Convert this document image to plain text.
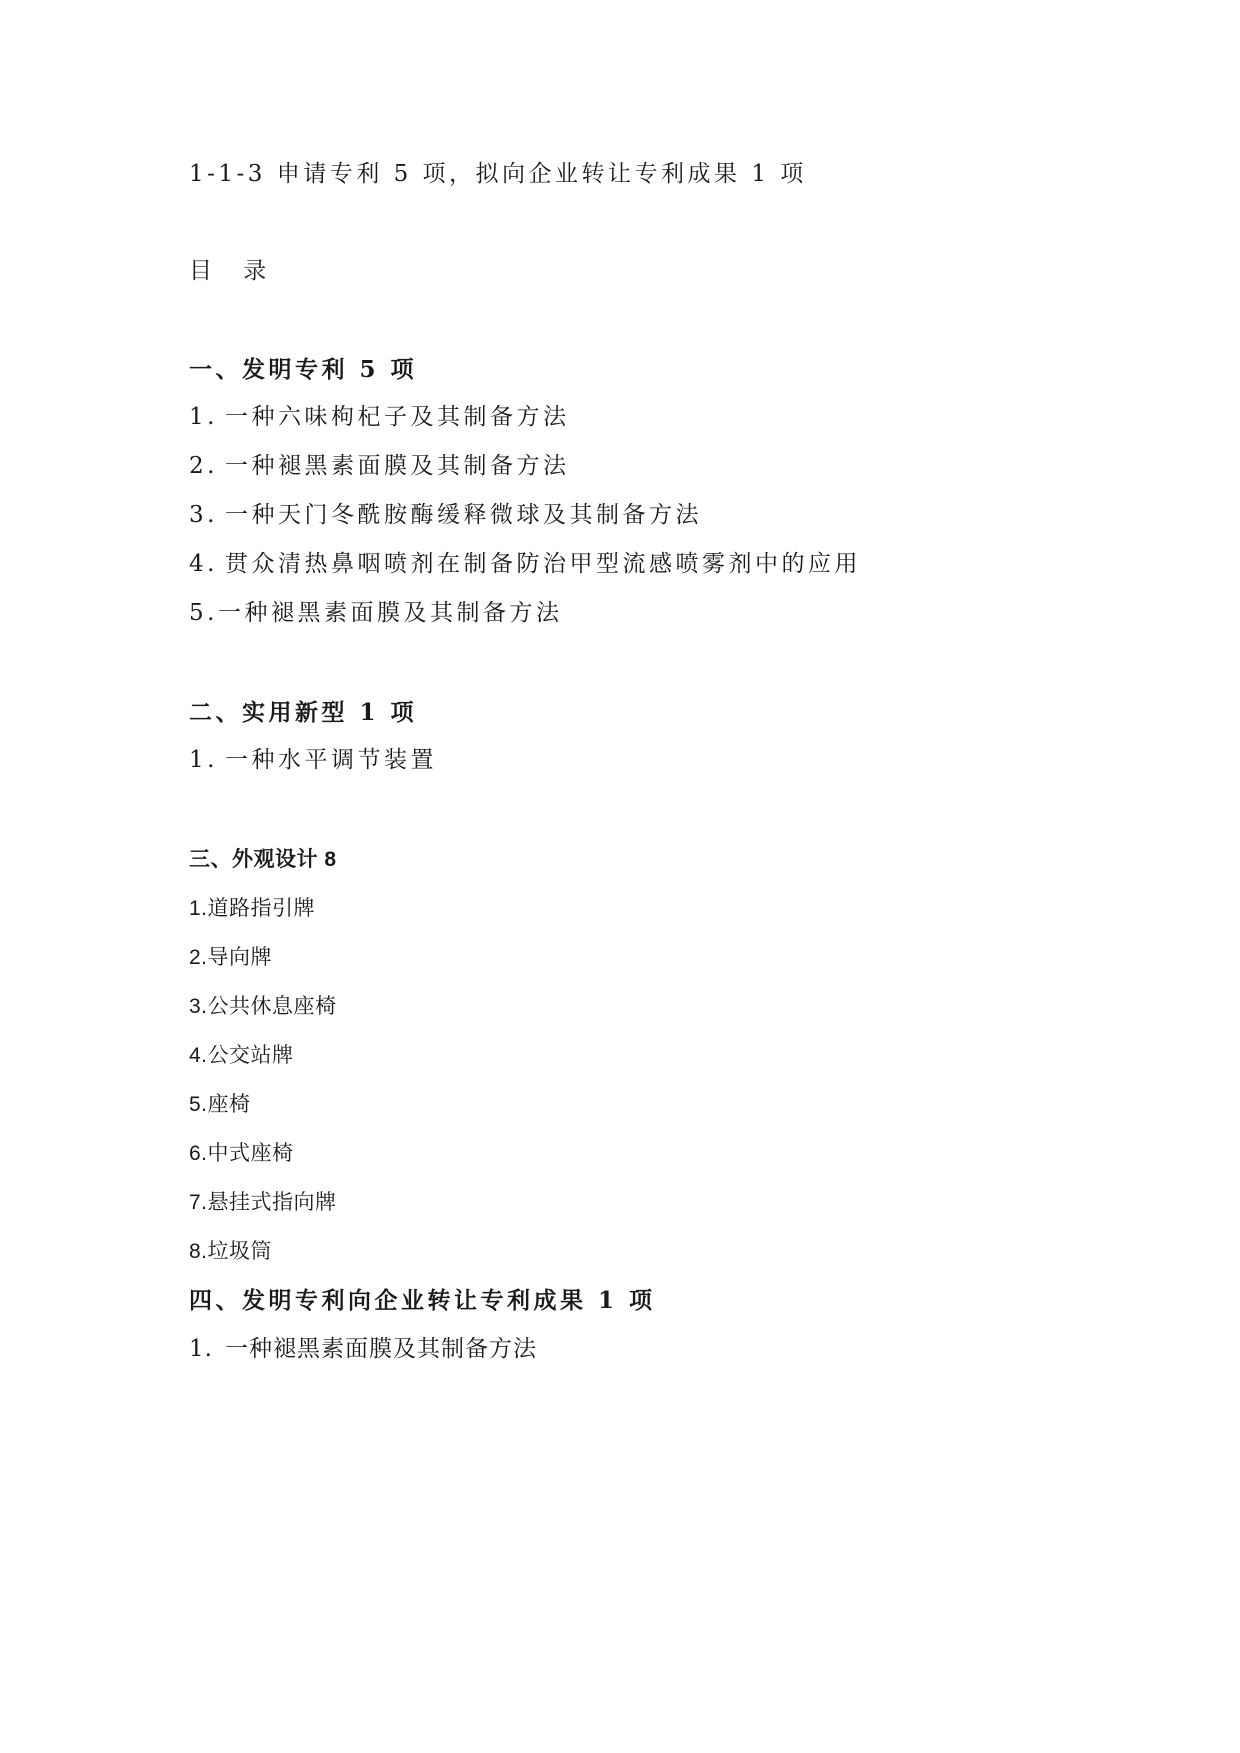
1-1-3 申请专利 5 项，拟向企业转让专利成果 1 项
目 录
一、发明专利 5 项
1. 一种六味枸杞子及其制备方法
2. 一种褪黑素面膜及其制备方法
3. 一种天门冬酰胺酶缓释微球及其制备方法
4. 贯众清热鼻咽喷剂在制备防治甲型流感喷雾剂中的应用
5.一种褪黑素面膜及其制备方法
二、实用新型 1 项
1. 一种水平调节装置
三、外观设计 8
1.道路指引牌
2.导向牌
3.公共休息座椅
4.公交站牌
5.座椅
6.中式座椅
7.悬挂式指向牌
8.垃圾筒
四、发明专利向企业转让专利成果 1 项
1. 一种褪黑素面膜及其制备方法
